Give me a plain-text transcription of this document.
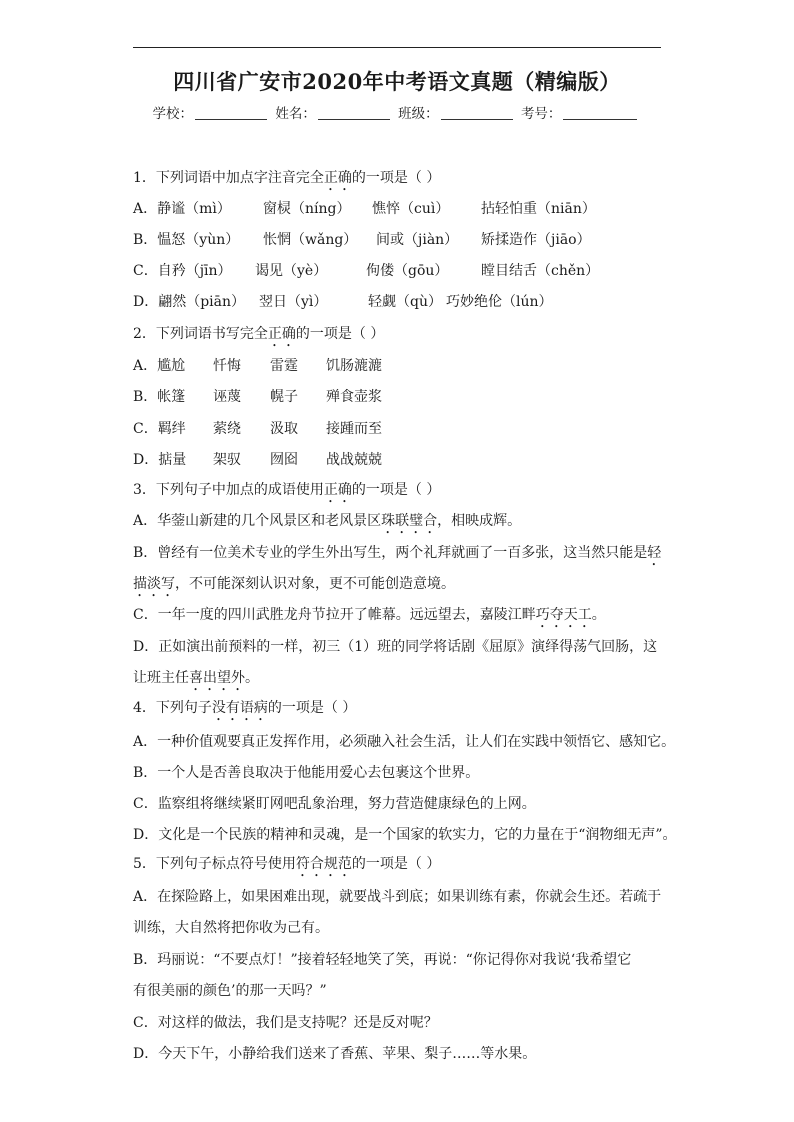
四川省广安市2020年中考语文真题（精编版）
学校：	姓名：	班级：	考号：
1．下列词语中加点字注音完全正确的一项是（ ）
A．静谧（mì） 窗棂（níng） 憔悴（cuì） 拈轻怕重（niān）
B．愠怒（yùn） 怅惘（wǎng） 间或（jiàn） 矫揉造作（jiāo）
C．自矜（jīn） 谒见（yè）	佝偻（gōu） 瞠目结舌（chěn）
D．翩然（piān） 翌日（yì）	轻觑（qù） 巧妙绝伦（lún）
2．下列词语书写完全正确的一项是（ ）
A．尴尬 忏悔 雷霆 饥肠漉漉
B．帐篷 诬蔑 幌子 殚食壶浆
C．羁绊 萦绕 汲取 接踵而至
D．掂量 架驭 囫囵 战战兢兢
3．下列句子中加点的成语使用正确的一项是（ ）
A．华蓥山新建的几个风景区和老风景区珠联璧合，相映成辉。
B．曾经有一位美术专业的学生外出写生，两个礼拜就画了一百多张，这当然只能是轻
描淡写，不可能深刻认识对象，更不可能创造意境。
C．一年一度的四川武胜龙舟节拉开了帷幕。远远望去，嘉陵江畔巧夺天工。
D．正如演出前预料的一样，初三（1）班的同学将话剧《屈原》演绎得荡气回肠，这
让班主任喜出望外。
4．下列句子没有语病的一项是（ ）
A．一种价值观要真正发挥作用，必须融入社会生活，让人们在实践中领悟它、感知它。
B．一个人是否善良取决于他能用爱心去包裹这个世界。
C．监察组将继续紧盯网吧乱象治理，努力营造健康绿色的上网。
D．文化是一个民族的精神和灵魂，是一个国家的软实力，它的力量在于“润物细无声”。
5．下列句子标点符号使用符合规范的一项是（ ）
A．在探险路上，如果困难出现，就要战斗到底；如果训练有素，你就会生还。若疏于
训练，大自然将把你收为己有。
B．玛丽说：“不要点灯！”接着轻轻地笑了笑，再说：“你记得你对我说‘我希望它
有很美丽的颜色’的那一天吗？”
C．对这样的做法，我们是支持呢？还是反对呢？
D．今天下午，小静给我们送来了香蕉、苹果、梨子……等水果。
